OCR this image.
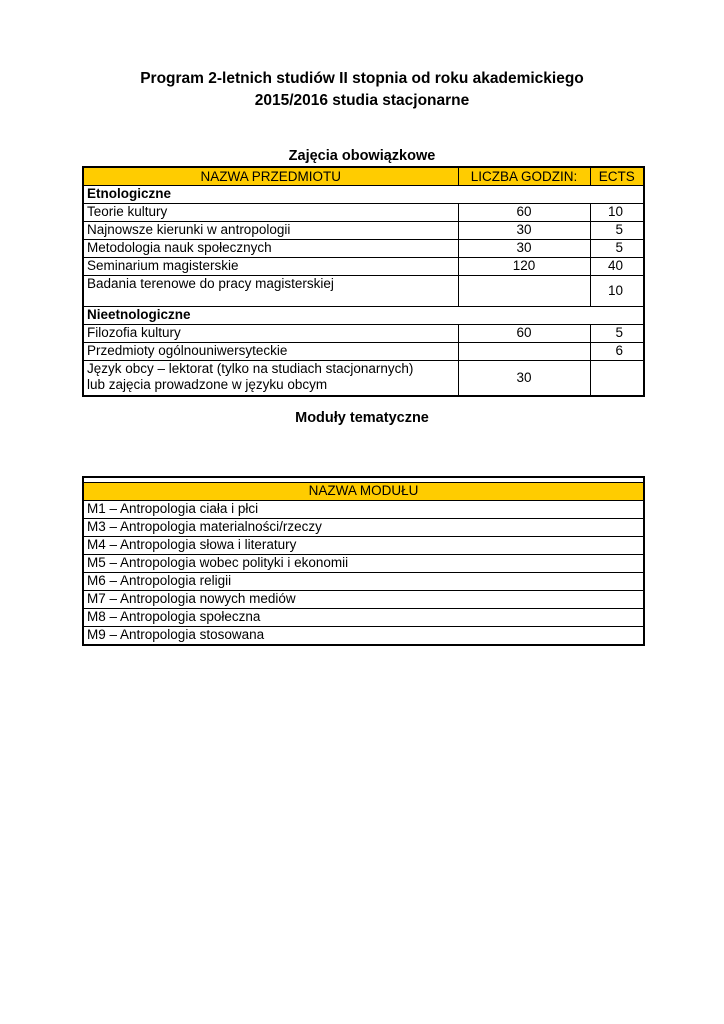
Program 2-letnich studiów II stopnia od roku akademickiego
2015/2016 studia stacjonarne
Zajęcia obowiązkowe
NAZWA PRZEDMIOTU	LICZBA GODZIN:	ECTS
Etnologiczne		
Teorie kultury	60	10
Najnowsze kierunki w antropologii	30	5
Metodologia nauk społecznych	30	5
Seminarium magisterskie	120	40
Badania terenowe do pracy magisterskiej		10
Nieetnologiczne		
Filozofia kultury	60	5
Przedmioty ogólnouniwersyteckie		6

Język obcy – lektorat (tylko na studiach stacjonarnych)
lub zajęcia prowadzone w języku obcym	30	
Moduły tematyczne

NAZWA MODUŁU
M1 – Antropologia ciała i płci
M3 – Antropologia materialności/rzeczy
M4 – Antropologia słowa i literatury
M5 – Antropologia wobec polityki i ekonomii
M6 – Antropologia religii
M7 – Antropologia nowych mediów
M8 – Antropologia społeczna
M9 – Antropologia stosowana
